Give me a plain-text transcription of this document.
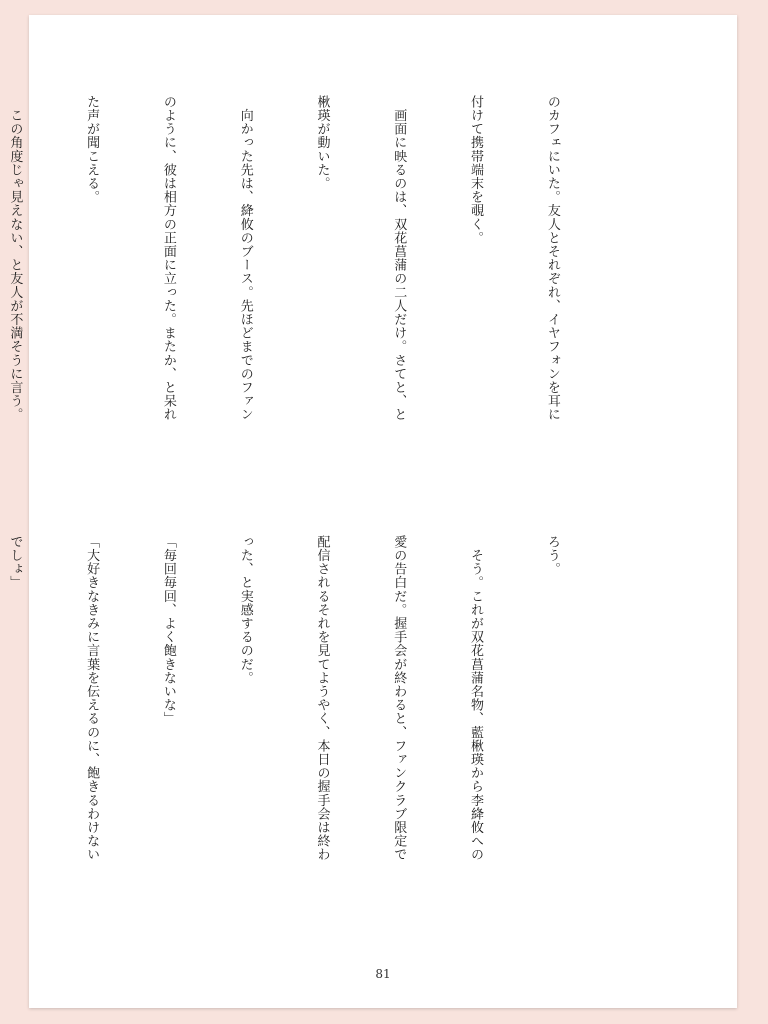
のカフェにいた。友人とそれぞれ、イヤフォンを耳に

付けて携帯端末を覗く。

　画面に映るのは、双花菖蒲の二人だけ。さてと、と

楸瑛が動いた。

　向かった先は、絳攸のブース。先ほどまでのファン

のように、彼は相方の正面に立った。またか、と呆れ

た声が聞こえる。

　この角度じゃ見えない、と友人が不満そうに言う。

ろう。

　そう。これが双花菖蒲名物、藍楸瑛から李絳攸への

愛の告白だ。握手会が終わると、ファンクラブ限定で

配信されるそれを見てようやく、本日の握手会は終わ

った、と実感するのだ。

「毎回毎回、よく飽きないな」

「大好きなきみに言葉を伝えるのに、飽きるわけない

でしょ」

81
